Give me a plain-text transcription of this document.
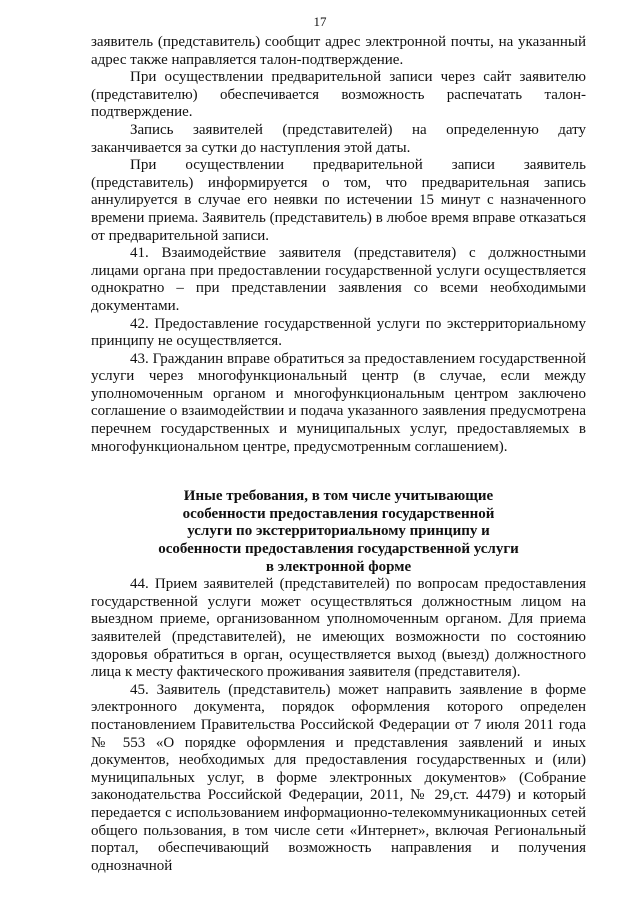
17

заявитель (представитель) сообщит адрес электронной почты, на указанный адрес также направляется талон-подтверждение.

При осуществлении предварительной записи через сайт заявителю (представителю) обеспечивается возможность распечатать талон-подтверждение.

Запись заявителей (представителей) на определенную дату заканчивается за сутки до наступления этой даты.

При осуществлении предварительной записи заявитель (представитель) информируется о том, что предварительная запись аннулируется в случае его неявки по истечении 15 минут с назначенного времени приема. Заявитель (представитель) в любое время вправе отказаться от предварительной записи.

41. Взаимодействие заявителя (представителя) с должностными лицами органа при предоставлении государственной услуги осуществляется однократно – при представлении заявления со всеми необходимыми документами.

42. Предоставление государственной услуги по экстерриториальному принципу не осуществляется.

43. Гражданин вправе обратиться за предоставлением государственной услуги через многофункциональный центр (в случае, если между уполномоченным органом и многофункциональным центром заключено соглашение о взаимодействии и подача указанного заявления предусмотрена перечнем государственных и муниципальных услуг, предоставляемых в многофункциональном центре, предусмотренным соглашением).

Иные требования, в том числе учитывающие
особенности предоставления государственной
услуги по экстерриториальному принципу и
особенности предоставления государственной услуги
в электронной форме

44. Прием заявителей (представителей) по вопросам предоставления государственной услуги может осуществляться должностным лицом на выездном приеме, организованном уполномоченным органом. Для приема заявителей (представителей), не имеющих возможности по состоянию здоровья обратиться в орган, осуществляется выход (выезд) должностного лица к месту фактического проживания заявителя (представителя).

45. Заявитель (представитель) может направить заявление в форме электронного документа, порядок оформления которого определен постановлением Правительства Российской Федерации от 7 июля 2011 года № 553 «О порядке оформления и представления заявлений и иных документов, необходимых для предоставления государственных и (или) муниципальных услуг, в форме электронных документов» (Собрание законодательства Российской Федерации, 2011, № 29,ст. 4479) и который передается с использованием информационно-телекоммуникационных сетей общего пользования, в том числе сети «Интернет», включая Региональный портал, обеспечивающий возможность направления и получения однозначной
